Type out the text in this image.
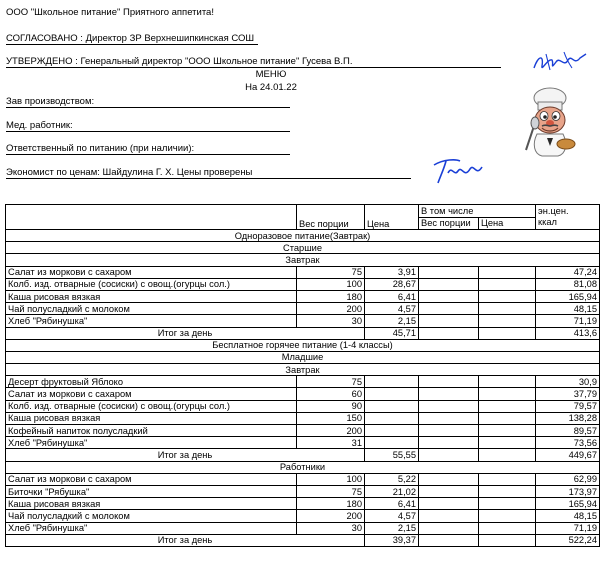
ООО "Школьное питание" Приятного аппетита!
СОГЛАСОВАНО : Директор ЗР Верхнешипкинская СОШ
УТВЕРЖДЕНО : Генеральный директор "ООО Школьное питание" Гусева В.П.
МЕНЮ
На 24.01.22
Зав производством:
Мед. работник:
Ответственный по питанию (при наличии):
Экономист по ценам: Шайдулина Г. Х. Цены проверены
	Вес порции	Цена	В том числе		эн.цен.
ккал

			Вес порции	Цена	
Одноразовое питание(Завтрак)					
Старшие					
Завтрак					
Салат из моркови с сахаром	75	3,91			47,24
Колб. изд. отварные (сосиски) с овощ.(огурцы сол.)	100	28,67			81,08
Каша рисовая вязкая	180	6,41			165,94
Чай полусладкий с молоком	200	4,57			48,15
Хлеб "Рябинушка"	30	2,15			71,19
Итог за день		45,71			413,6
Бесплатное горячее питание (1-4 классы)					
Младшие					
Завтрак					
Десерт фруктовый Яблоко	75				30,9
Салат из моркови с сахаром	60				37,79
Колб. изд. отварные (сосиски) с овощ.(огурцы сол.)	90				79,57
Каша рисовая вязкая	150				138,28
Кофейный напиток полусладкий	200				89,57
Хлеб "Рябинушка"	31				73,56
Итог за день		55,55			449,67
Работники					
Салат из моркови с сахаром	100	5,22			62,99
Биточки "Рябушка"	75	21,02			173,97
Каша рисовая вязкая	180	6,41			165,94
Чай полусладкий с молоком	200	4,57			48,15
Хлеб "Рябинушка"	30	2,15			71,19
Итог за день		39,37			522,24
